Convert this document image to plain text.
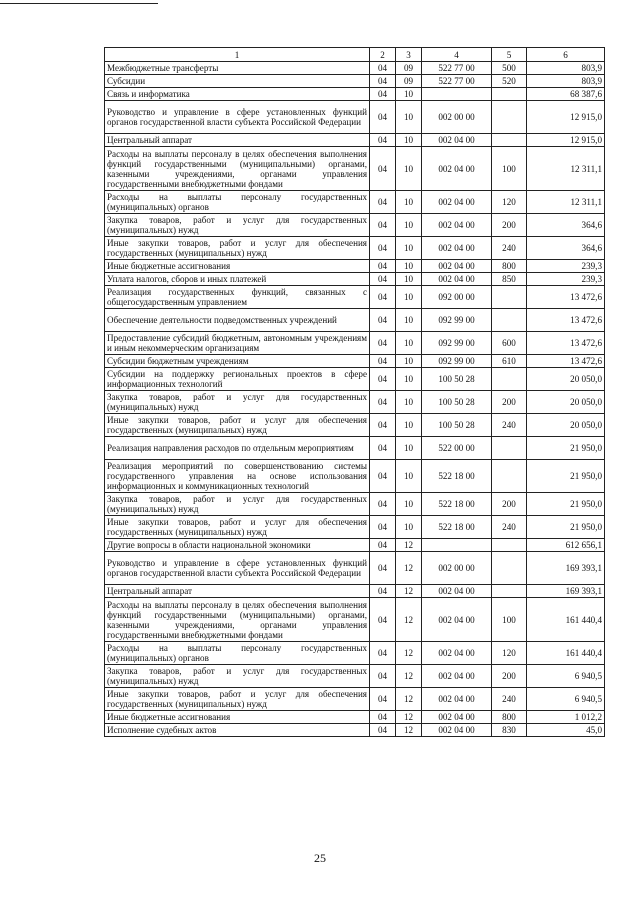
1	2	3	4	5	6
Межбюджетные трансферты	04	09	522 77 00	500	803,9
Субсидии	04	09	522 77 00	520	803,9
Связь и информатика	04	10			68 387,6
Руководство и управление в сфере установленных функций органов государственной власти субъекта Российской Федерации	04	10	002 00 00		12 915,0
Центральный аппарат	04	10	002 04 00		12 915,0
Расходы на выплаты персоналу в целях обеспечения выполнения функций государственными (муниципальными) органами, казенными учреждениями, органами управления государственными внебюджетными фондами	04	10	002 04 00	100	12 311,1
Расходы на выплаты персоналу государственных (муниципальных) органов	04	10	002 04 00	120	12 311,1
Закупка товаров, работ и услуг для государственных (муниципальных) нужд	04	10	002 04 00	200	364,6
Иные закупки товаров, работ и услуг для обеспечения государственных (муниципальных) нужд	04	10	002 04 00	240	364,6
Иные бюджетные ассигнования	04	10	002 04 00	800	239,3
Уплата налогов, сборов и иных платежей	04	10	002 04 00	850	239,3
Реализация государственных функций, связанных с общегосударственным управлением	04	10	092 00 00		13 472,6
Обеспечение деятельности подведомственных учреждений	04	10	092 99 00		13 472,6
Предоставление субсидий бюджетным, автономным учреждениям и иным некоммерческим организациям	04	10	092 99 00	600	13 472,6
Субсидии бюджетным учреждениям	04	10	092 99 00	610	13 472,6
Субсидии на поддержку региональных проектов в сфере информационных технологий	04	10	100 50 28		20 050,0
Закупка товаров, работ и услуг для государственных (муниципальных) нужд	04	10	100 50 28	200	20 050,0
Иные закупки товаров, работ и услуг для обеспечения государственных (муниципальных) нужд	04	10	100 50 28	240	20 050,0
Реализация направления расходов по отдельным мероприятиям	04	10	522 00 00		21 950,0
Реализация мероприятий по совершенствованию системы государственного управления на основе использования информационных и коммуникационных технологий	04	10	522 18 00		21 950,0
Закупка товаров, работ и услуг для государственных (муниципальных) нужд	04	10	522 18 00	200	21 950,0
Иные закупки товаров, работ и услуг для обеспечения государственных (муниципальных) нужд	04	10	522 18 00	240	21 950,0
Другие вопросы в области национальной экономики	04	12			612 656,1
Руководство и управление в сфере установленных функций органов государственной власти субъекта Российской Федерации	04	12	002 00 00		169 393,1
Центральный аппарат	04	12	002 04 00		169 393,1
Расходы на выплаты персоналу в целях обеспечения выполнения функций государственными (муниципальными) органами, казенными учреждениями, органами управления государственными внебюджетными фондами	04	12	002 04 00	100	161 440,4
Расходы на выплаты персоналу государственных (муниципальных) органов	04	12	002 04 00	120	161 440,4
Закупка товаров, работ и услуг для государственных (муниципальных) нужд	04	12	002 04 00	200	6 940,5
Иные закупки товаров, работ и услуг для обеспечения государственных (муниципальных) нужд	04	12	002 04 00	240	6 940,5
Иные бюджетные ассигнования	04	12	002 04 00	800	1 012,2
Исполнение судебных актов	04	12	002 04 00	830	45,0
25
